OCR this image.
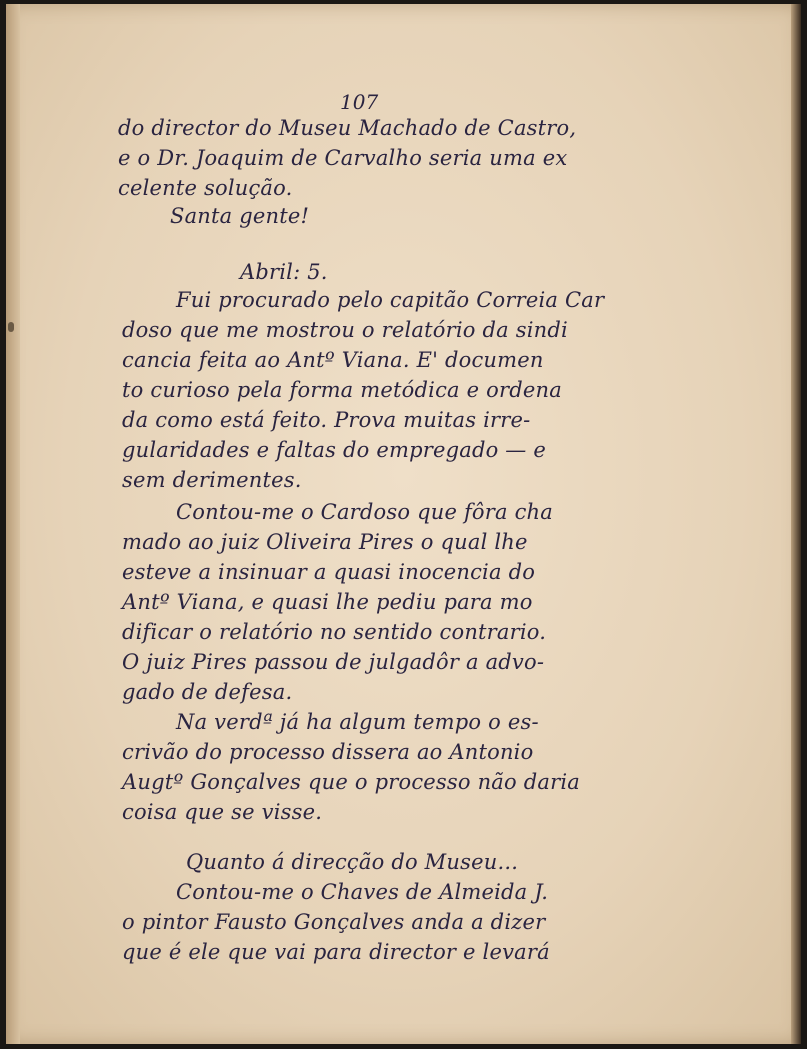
107
do director do Museu Machado de Castro,
e o Dr. Joaquim de Carvalho seria uma ex
celente solução.
Santa gente!
Abril: 5.
Fui procurado pelo capitão Correia Car
doso que me mostrou o relatório da sindi
cancia feita ao Antº Viana. E' documen
to curioso pela forma metódica e ordena
da como está feito. Prova muitas irre-
gularidades e faltas do empregado — e
sem derimentes.
Contou-me o Cardoso que fôra cha
mado ao juiz Oliveira Pires o qual lhe
esteve a insinuar a quasi inocencia do
Antº Viana, e quasi lhe pediu para mo
dificar o relatório no sentido contrario.
O juiz Pires passou de julgadôr a advo-
gado de defesa.
Na verdª já ha algum tempo o es-
crivão do processo dissera ao Antonio
Augtº Gonçalves que o processo não daria
coisa que se visse.
Quanto á direcção do Museu...
Contou-me o Chaves de Almeida J.
o pintor Fausto Gonçalves anda a dizer
que é ele que vai para director e levará
